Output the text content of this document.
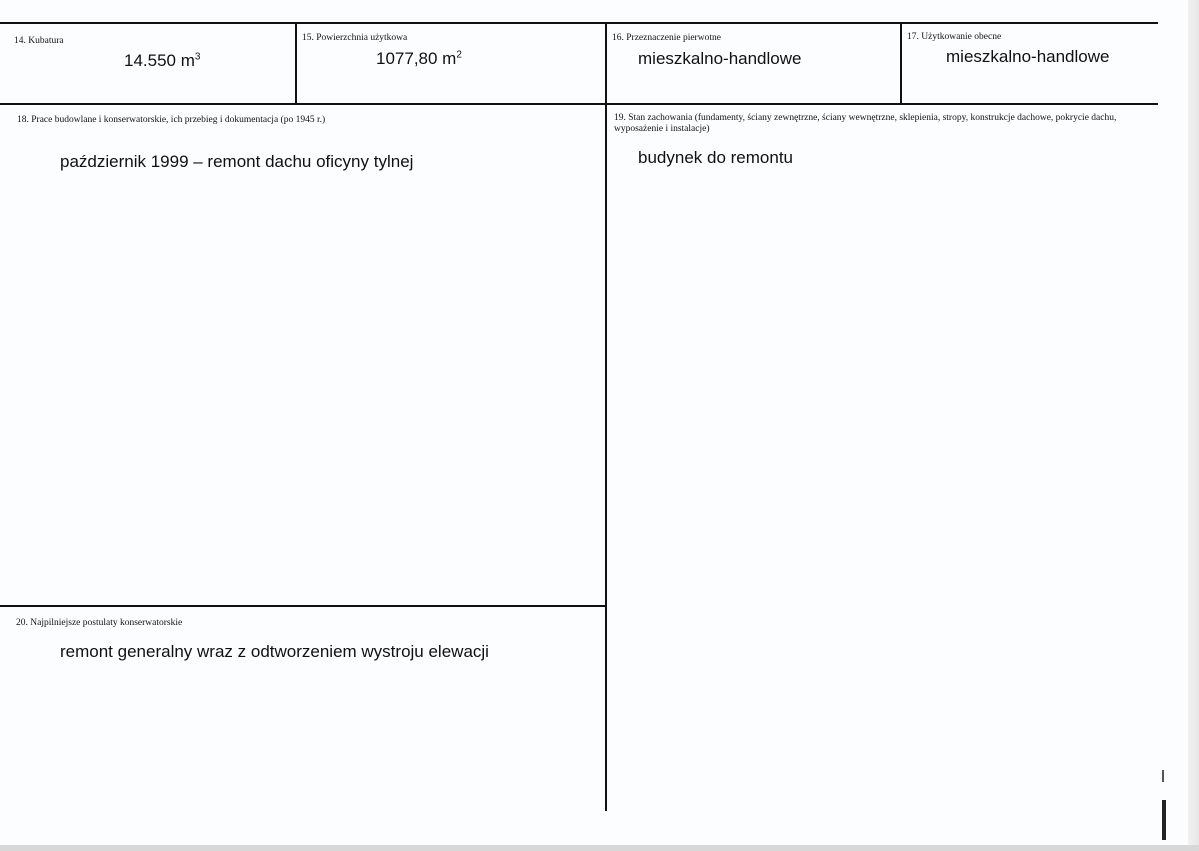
14. Kubatura
14.550 $m^3$
15. Powierzchnia użytkowa
1077,80 $m^2$
16. Przeznaczenie pierwotne
mieszkalno-handlowe
17. Użytkowanie obecne
mieszkalno-handlowe
18. Prace budowlane i konserwatorskie, ich przebieg i dokumentacja (po 1945 r.)
październik 1999 – remont dachu oficyny tylnej
19. Stan zachowania (fundamenty, ściany zewnętrzne, ściany wewnętrzne, sklepienia, stropy, konstrukcje dachowe, pokrycie dachu, wyposażenie i instalacje)
budynek do remontu
20. Najpilniejsze postulaty konserwatorskie
remont generalny wraz z odtworzeniem wystroju elewacji
